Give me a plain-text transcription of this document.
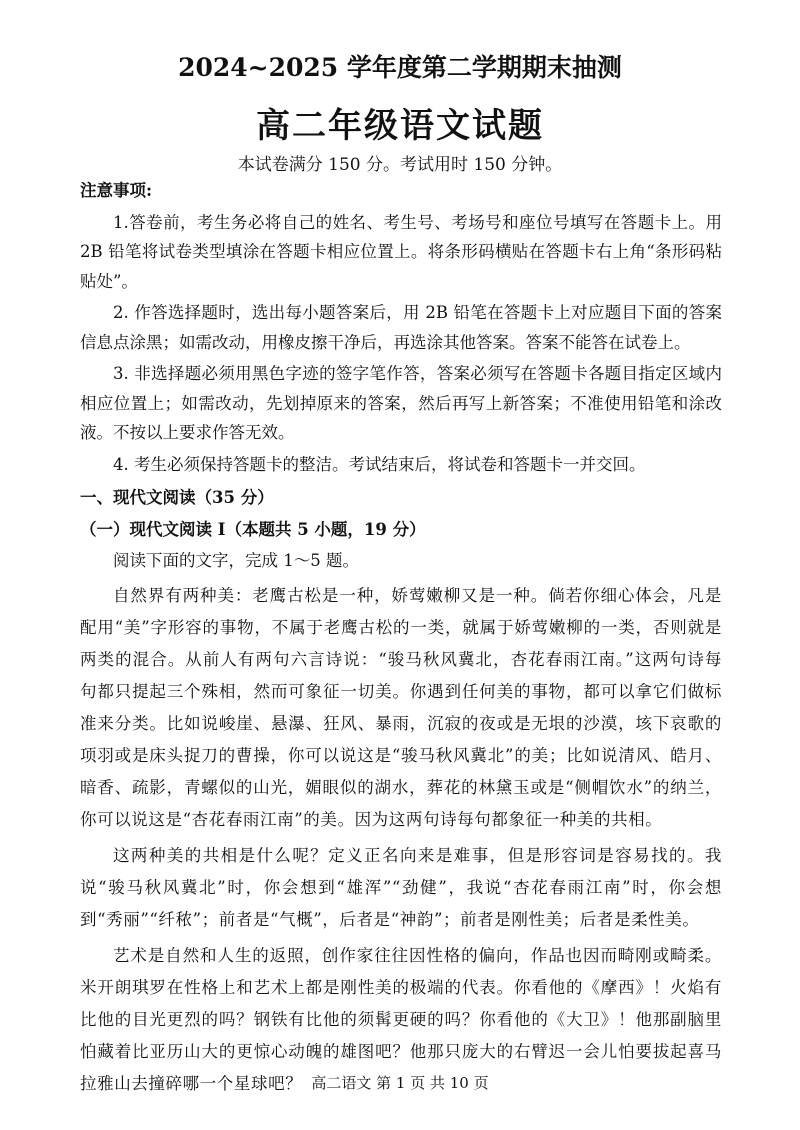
2024~2025 学年度第二学期期末抽测
高二年级语文试题
本试卷满分 150 分。考试用时 150 分钟。

注意事项:

1.答卷前，考生务必将自己的姓名、考生号、考场号和座位号填写在答题卡上。用 2B 铅笔将试卷类型填涂在答题卡相应位置上。将条形码横贴在答题卡右上角“条形码粘贴处”。

2. 作答选择题时，选出每小题答案后，用 2B 铅笔在答题卡上对应题目下面的答案信息点涂黑；如需改动，用橡皮擦干净后，再选涂其他答案。答案不能答在试卷上。

3. 非选择题必须用黑色字迹的签字笔作答，答案必须写在答题卡各题目指定区域内相应位置上；如需改动，先划掉原来的答案，然后再写上新答案；不准使用铅笔和涂改液。不按以上要求作答无效。

4. 考生必须保持答题卡的整洁。考试结束后，将试卷和答题卡一并交回。

一、现代文阅读（35 分）

（一）现代文阅读 I（本题共 5 小题，19 分）

阅读下面的文字，完成 1～5 题。

自然界有两种美：老鹰古松是一种，娇莺嫩柳又是一种。倘若你细心体会，凡是配用“美”字形容的事物，不属于老鹰古松的一类，就属于娇莺嫩柳的一类，否则就是两类的混合。从前人有两句六言诗说：“骏马秋风冀北，杏花春雨江南。”这两句诗每句都只提起三个殊相，然而可象征一切美。你遇到任何美的事物，都可以拿它们做标准来分类。比如说峻崖、悬瀑、狂风、暴雨，沉寂的夜或是无垠的沙漠，垓下哀歌的项羽或是床头捉刀的曹操，你可以说这是“骏马秋风冀北”的美；比如说清风、皓月、暗香、疏影，青螺似的山光，媚眼似的湖水，葬花的林黛玉或是“侧帽饮水”的纳兰，你可以说这是“杏花春雨江南”的美。因为这两句诗每句都象征一种美的共相。

这两种美的共相是什么呢？定义正名向来是难事，但是形容词是容易找的。我说“骏马秋风冀北”时，你会想到“雄浑”“劲健”，我说“杏花春雨江南”时，你会想到“秀丽”“纤秾”；前者是“气概”，后者是“神韵”；前者是刚性美；后者是柔性美。

艺术是自然和人生的返照，创作家往往因性格的偏向，作品也因而畸刚或畸柔。米开朗琪罗在性格上和艺术上都是刚性美的极端的代表。你看他的《摩西》！火焰有比他的目光更烈的吗？钢铁有比他的须髯更硬的吗？你看他的《大卫》！他那副脑里怕藏着比亚历山大的更惊心动魄的雄图吧？他那只庞大的右臂迟一会儿怕要拔起喜马拉雅山去撞碎哪一个星球吧？ 高二语文 第 1 页 共 10 页
